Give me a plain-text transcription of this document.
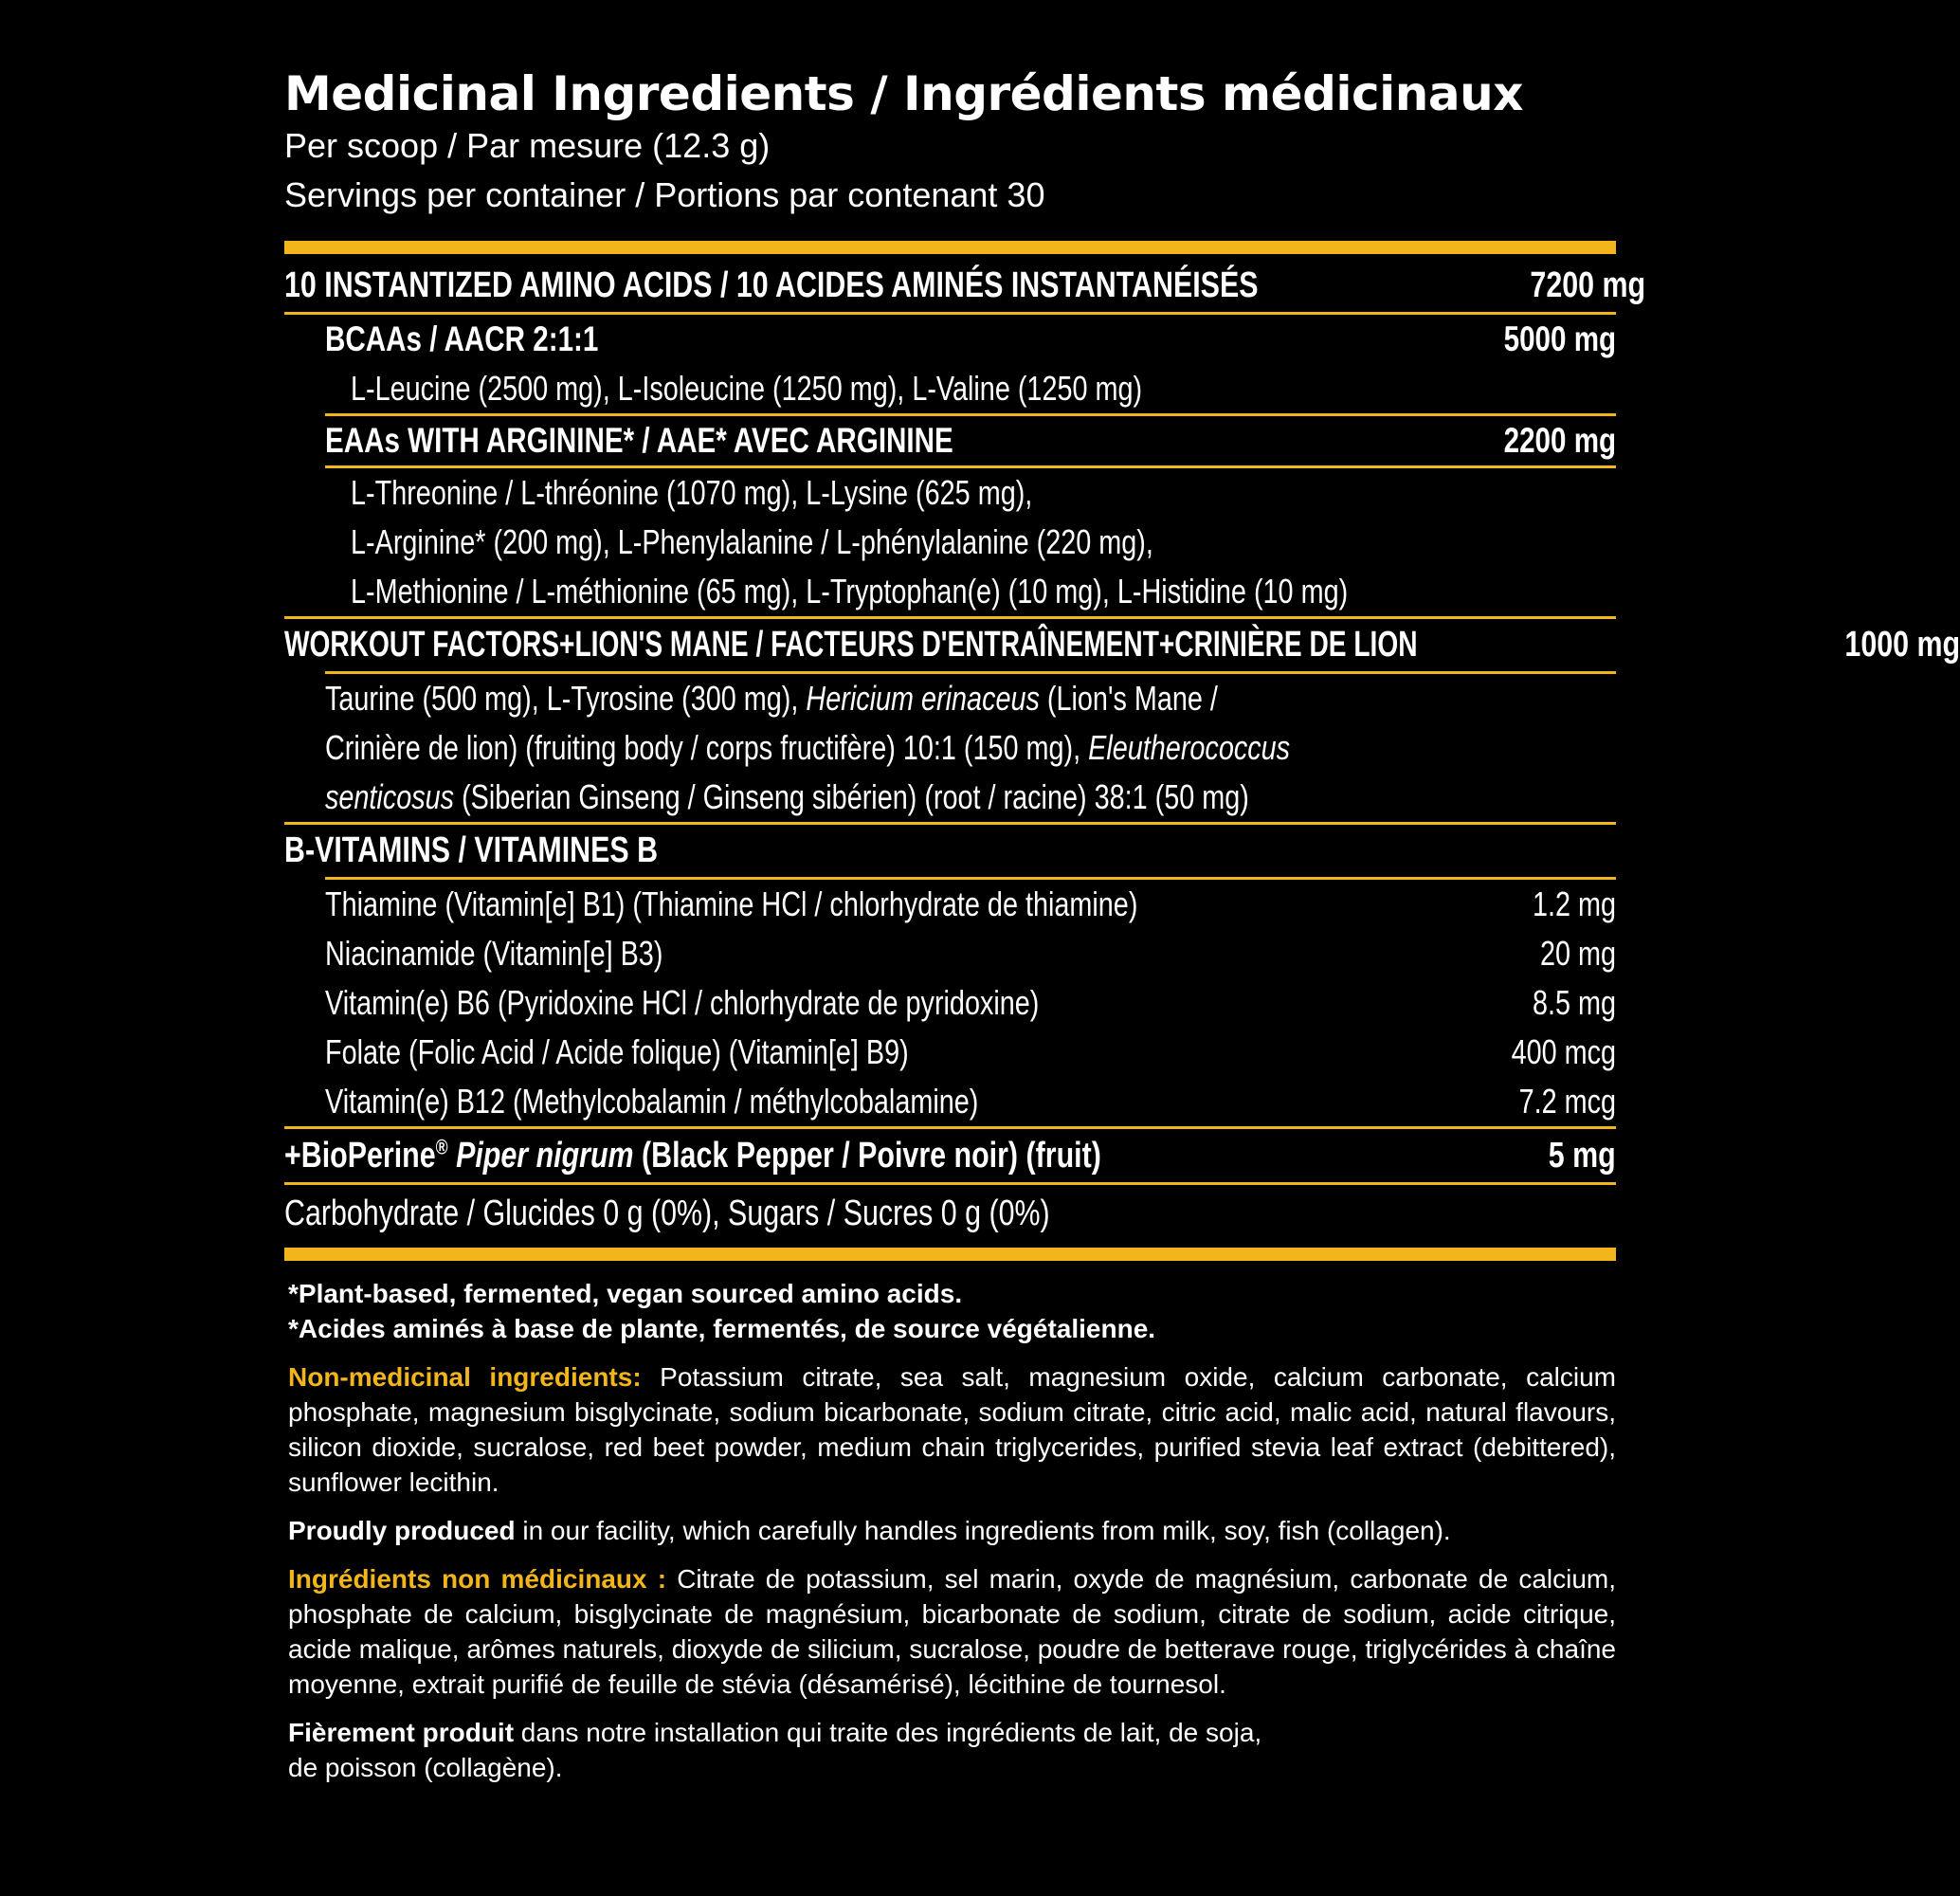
Medicinal Ingredients / Ingrédients médicinaux
Per scoop / Par mesure (12.3 g)
Servings per container / Portions par contenant 30
10 INSTANTIZED AMINO ACIDS / 10 ACIDES AMINÉS INSTANTANÉISÉS	7200 mg
BCAAs / AACR 2:1:1	5000 mg
L-Leucine (2500 mg), L-Isoleucine (1250 mg), L-Valine (1250 mg)
EAAs WITH ARGININE* / AAE* AVEC ARGININE	2200 mg
L-Threonine / L-thréonine (1070 mg), L-Lysine (625 mg),
L-Arginine* (200 mg), L-Phenylalanine / L-phénylalanine (220 mg),
L-Methionine / L-méthionine (65 mg), L-Tryptophan(e) (10 mg), L-Histidine (10 mg)
WORKOUT FACTORS+LION'S MANE / FACTEURS D'ENTRAÎNEMENT+CRINIÈRE DE LION	1000 mg
Taurine (500 mg), L-Tyrosine (300 mg), Hericium erinaceus (Lion's Mane /
Crinière de lion) (fruiting body / corps fructifère) 10:1 (150 mg), Eleutherococcus
senticosus (Siberian Ginseng / Ginseng sibérien) (root / racine) 38:1 (50 mg)
B-VITAMINS / VITAMINES B
Thiamine (Vitamin[e] B1) (Thiamine HCl / chlorhydrate de thiamine)	1.2 mg
Niacinamide (Vitamin[e] B3)	20 mg
Vitamin(e) B6 (Pyridoxine HCl / chlorhydrate de pyridoxine)	8.5 mg
Folate (Folic Acid / Acide folique) (Vitamin[e] B9)	400 mcg
Vitamin(e) B12 (Methylcobalamin / méthylcobalamine)	7.2 mcg
+BioPerine® Piper nigrum (Black Pepper / Poivre noir) (fruit)	5 mg
Carbohydrate / Glucides 0 g (0%), Sugars / Sucres 0 g (0%)

*Plant-based, fermented, vegan sourced amino acids.

*Acides aminés à base de plante, fermentés, de source végétalienne.

Non-medicinal ingredients: Potassium citrate, sea salt, magnesium oxide, calcium carbonate, calcium phosphate, magnesium bisglycinate, sodium bicarbonate, sodium citrate, citric acid, malic acid, natural flavours, silicon dioxide, sucralose, red beet powder, medium chain triglycerides, purified stevia leaf extract (debittered), sunflower lecithin.

Proudly produced in our facility, which carefully handles ingredients from milk, soy, fish (collagen).

Ingrédients non médicinaux : Citrate de potassium, sel marin, oxyde de magnésium, carbonate de calcium, phosphate de calcium, bisglycinate de magnésium, bicarbonate de sodium, citrate de sodium, acide citrique, acide malique, arômes naturels, dioxyde de silicium, sucralose, poudre de betterave rouge, triglycérides à chaîne moyenne, extrait purifié de feuille de stévia (désamérisé), lécithine de tournesol.

Fièrement produit dans notre installation qui traite des ingrédients de lait, de soja,
de poisson (collagène).
